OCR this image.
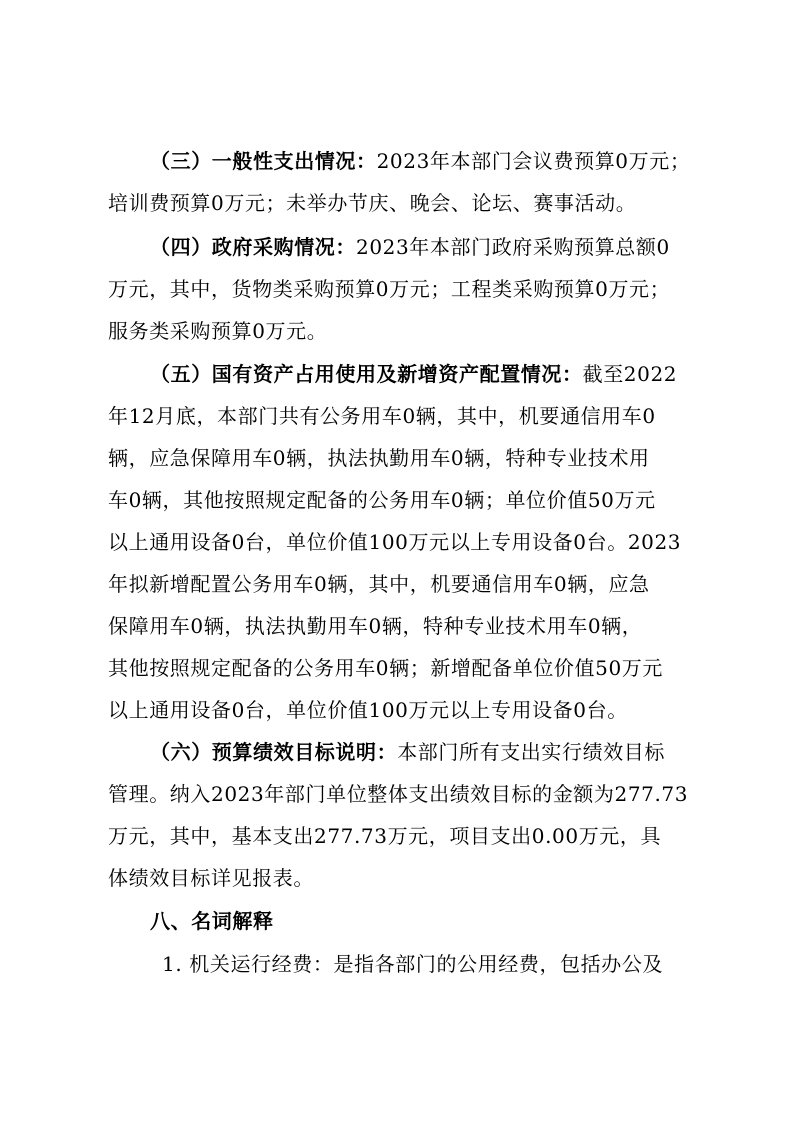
（三）一般性支出情况：2023年本部门会议费预算0万元；
培训费预算0万元；未举办节庆、晚会、论坛、赛事活动。
（四）政府采购情况：2023年本部门政府采购预算总额0
万元，其中，货物类采购预算0万元；工程类采购预算0万元；
服务类采购预算0万元。
（五）国有资产占用使用及新增资产配置情况：截至2022
年12月底，本部门共有公务用车0辆，其中，机要通信用车0
辆，应急保障用车0辆，执法执勤用车0辆，特种专业技术用
车0辆，其他按照规定配备的公务用车0辆；单位价值50万元
以上通用设备0台，单位价值100万元以上专用设备0台。2023
年拟新增配置公务用车0辆，其中，机要通信用车0辆，应急
保障用车0辆，执法执勤用车0辆，特种专业技术用车0辆，
其他按照规定配备的公务用车0辆；新增配备单位价值50万元
以上通用设备0台，单位价值100万元以上专用设备0台。
（六）预算绩效目标说明：本部门所有支出实行绩效目标
管理。纳入2023年部门单位整体支出绩效目标的金额为277.73
万元，其中，基本支出277.73万元，项目支出0.00万元，具
体绩效目标详见报表。
八、名词解释
1. 机关运行经费：是指各部门的公用经费，包括办公及
